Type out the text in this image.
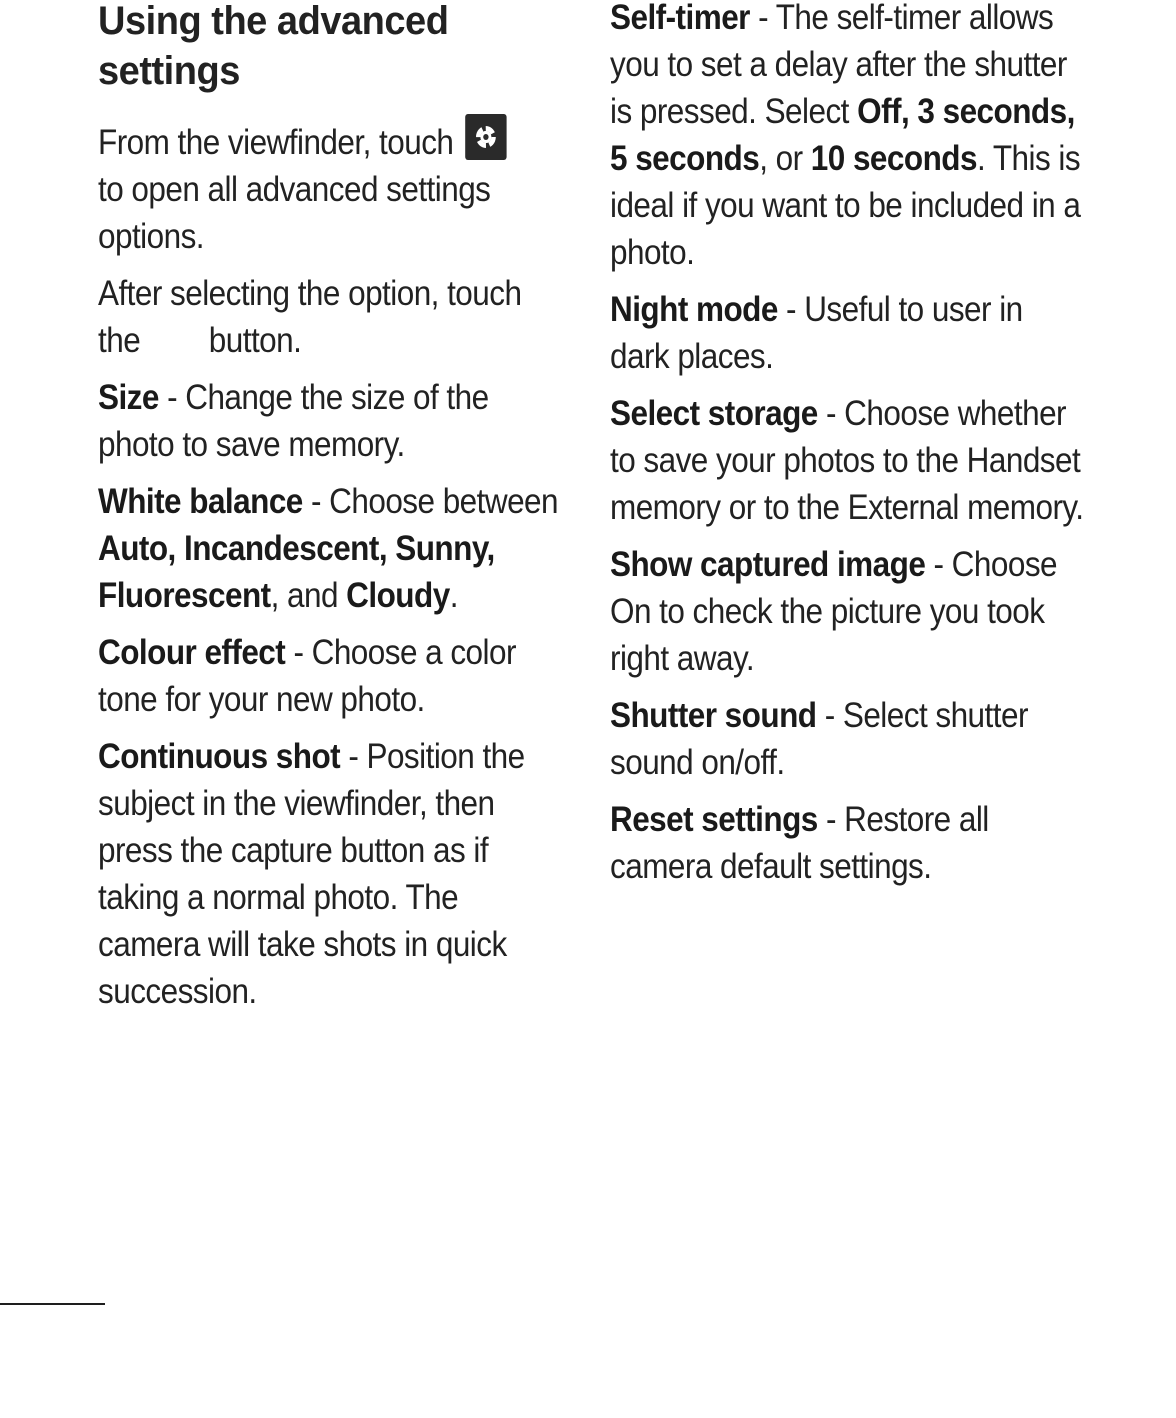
Using the advanced settings

From the viewfinder, touch

to open all advanced settings options.

After selecting the option, touch the button.

Size - Change the size of the photo to save memory.

White balance - Choose between Auto, Incandescent, Sunny, Fluorescent, and Cloudy.

Colour effect - Choose a color tone for your new photo.

Continuous shot - Position the subject in the viewfinder, then press the capture button as if taking a normal photo. The camera will take shots in quick succession.

Self-timer - The self-timer allows you to set a delay after the shutter is pressed. Select Off, 3 seconds, 5 seconds, or 10 seconds. This is ideal if you want to be included in a photo.

Night mode - Useful to user in dark places.

Select storage - Choose whether to save your photos to the Handset memory or to the External memory.

Show captured image - Choose On to check the picture you took right away.

Shutter sound - Select shutter sound on/off.

Reset settings - Restore all camera default settings.
